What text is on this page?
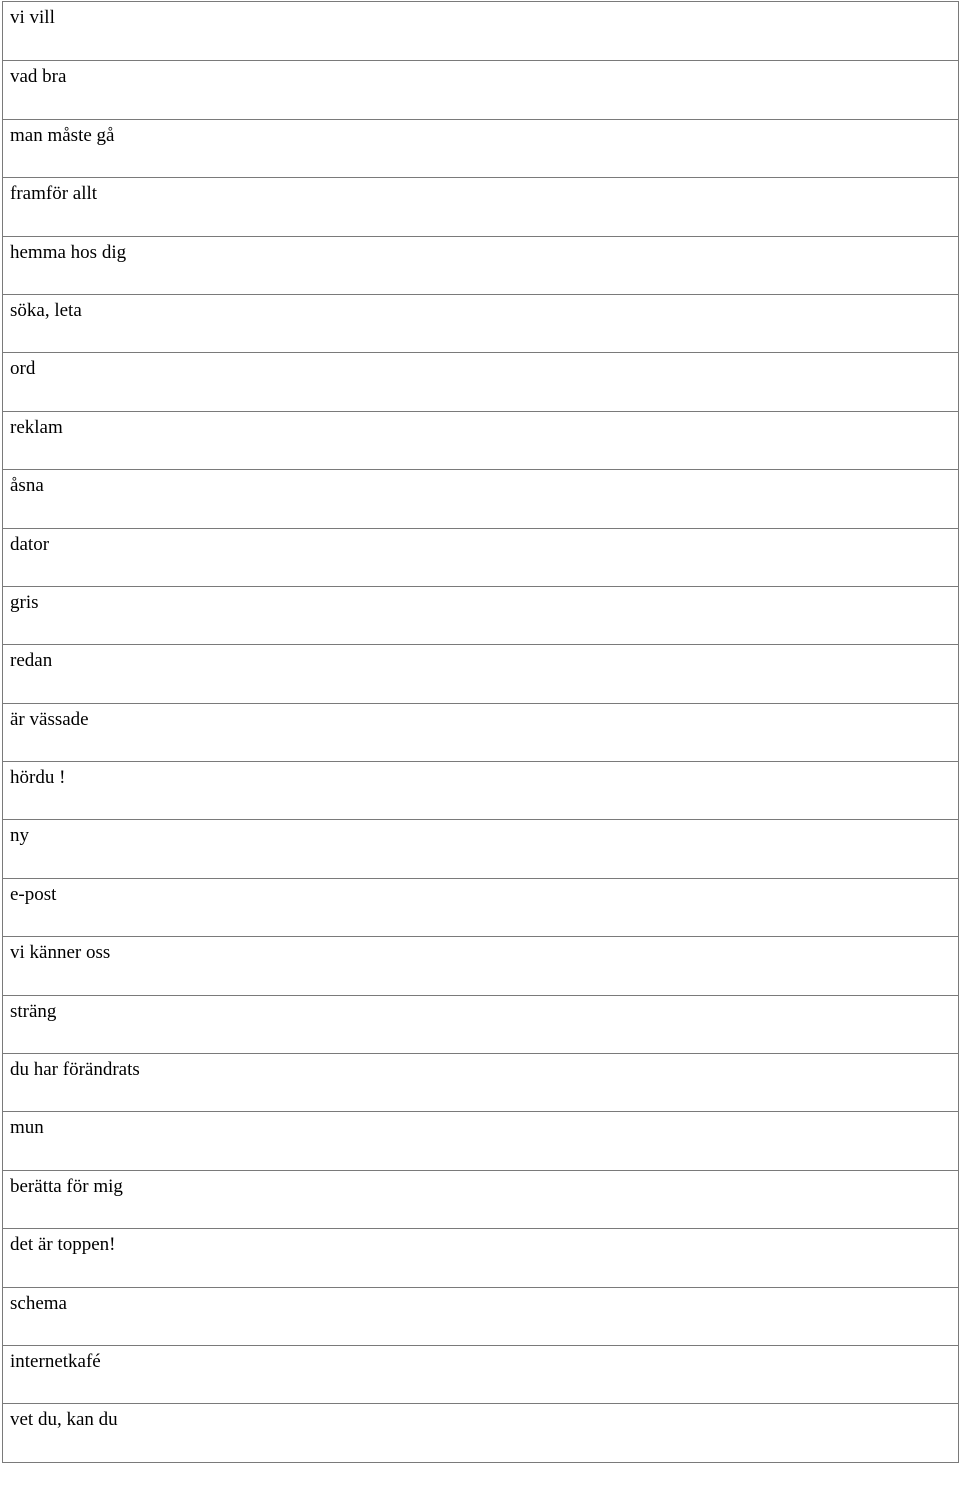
vi vill
vad bra
man måste gå
framför allt
hemma hos dig
söka, leta
ord
reklam
åsna
dator
gris
redan
är vässade
hördu !
ny
e-post
vi känner oss
sträng
du har förändrats
mun
berätta för mig
det är toppen!
schema
internetkafé
vet du, kan du
